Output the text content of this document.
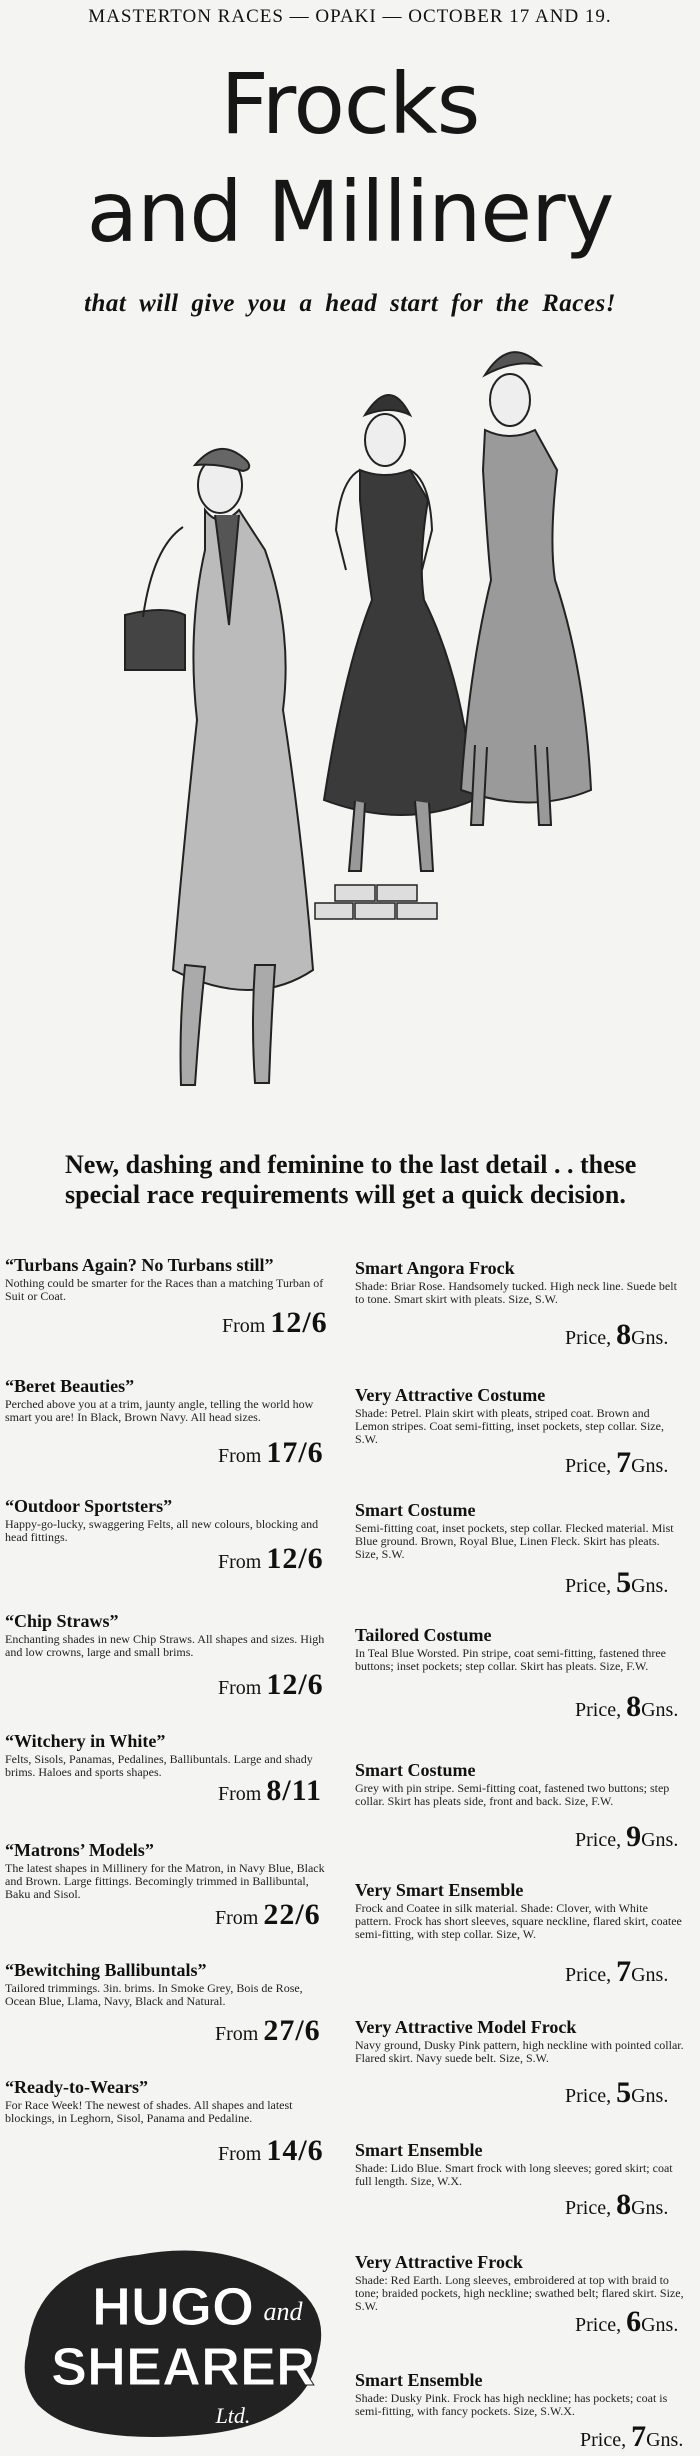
MASTERTON RACES — OPAKI — OCTOBER 17 AND 19.
Frocks
and Millinery
that will give you a head start for the Races!
New, dashing and feminine to the last detail . . these special race requirements will get a quick decision.
“Turbans Again? No Turbans still”
Nothing could be smarter for the Races than a matching Turban of Suit or Coat.
From 12/6
“Beret Beauties”
Perched above you at a trim, jaunty angle, telling the world how smart you are! In Black, Brown Navy. All head sizes.
From 17/6
“Outdoor Sportsters”
Happy-go-lucky, swaggering Felts, all new colours, blocking and head fittings.
From 12/6
“Chip Straws”
Enchanting shades in new Chip Straws. All shapes and sizes. High and low crowns, large and small brims.
From 12/6
“Witchery in White”
Felts, Sisols, Panamas, Pedalines, Ballibuntals. Large and shady brims. Haloes and sports shapes.
From 8/11
“Matrons’ Models”
The latest shapes in Millinery for the Matron, in Navy Blue, Black and Brown. Large fittings. Becomingly trimmed in Ballibuntal, Baku and Sisol.
From 22/6
“Bewitching Ballibuntals”
Tailored trimmings. 3in. brims. In Smoke Grey, Bois de Rose, Ocean Blue, Llama, Navy, Black and Natural.
From 27/6
“Ready-to-Wears”
For Race Week! The newest of shades. All shapes and latest blockings, in Leghorn, Sisol, Panama and Pedaline.
From 14/6
Smart Angora Frock
Shade: Briar Rose. Handsomely tucked. High neck line. Suede belt to tone. Smart skirt with pleats. Size, S.W.
Price, 8Gns.
Very Attractive Costume
Shade: Petrel. Plain skirt with pleats, striped coat. Brown and Lemon stripes. Coat semi-fitting, inset pockets, step collar. Size, S.W.
Price, 7Gns.
Smart Costume
Semi-fitting coat, inset pockets, step collar. Flecked material. Mist Blue ground. Brown, Royal Blue, Linen Fleck. Skirt has pleats. Size, S.W.
Price, 5Gns.
Tailored Costume
In Teal Blue Worsted. Pin stripe, coat semi-fitting, fastened three buttons; inset pockets; step collar. Skirt has pleats. Size, F.W.
Price, 8Gns.
Smart Costume
Grey with pin stripe. Semi-fitting coat, fastened two buttons; step collar. Skirt has pleats side, front and back. Size, F.W.
Price, 9Gns.
Very Smart Ensemble
Frock and Coatee in silk material. Shade: Clover, with White pattern. Frock has short sleeves, square neckline, flared skirt, coatee semi-fitting, with step collar. Size, W.
Price, 7Gns.
Very Attractive Model Frock
Navy ground, Dusky Pink pattern, high neckline with pointed collar. Flared skirt. Navy suede belt. Size, S.W.
Price, 5Gns.
Smart Ensemble
Shade: Lido Blue. Smart frock with long sleeves; gored skirt; coat full length. Size, W.X.
Price, 8Gns.
Very Attractive Frock
Shade: Red Earth. Long sleeves, embroidered at top with braid to tone; braided pockets, high neckline; swathed belt; flared skirt. Size, S.W.
Price, 6Gns.
Smart Ensemble
Shade: Dusky Pink. Frock has high neckline; has pockets; coat is semi-fitting, with fancy pockets. Size, S.W.X.
Price, 7Gns.
HUGO and
SHEARER
Ltd.
